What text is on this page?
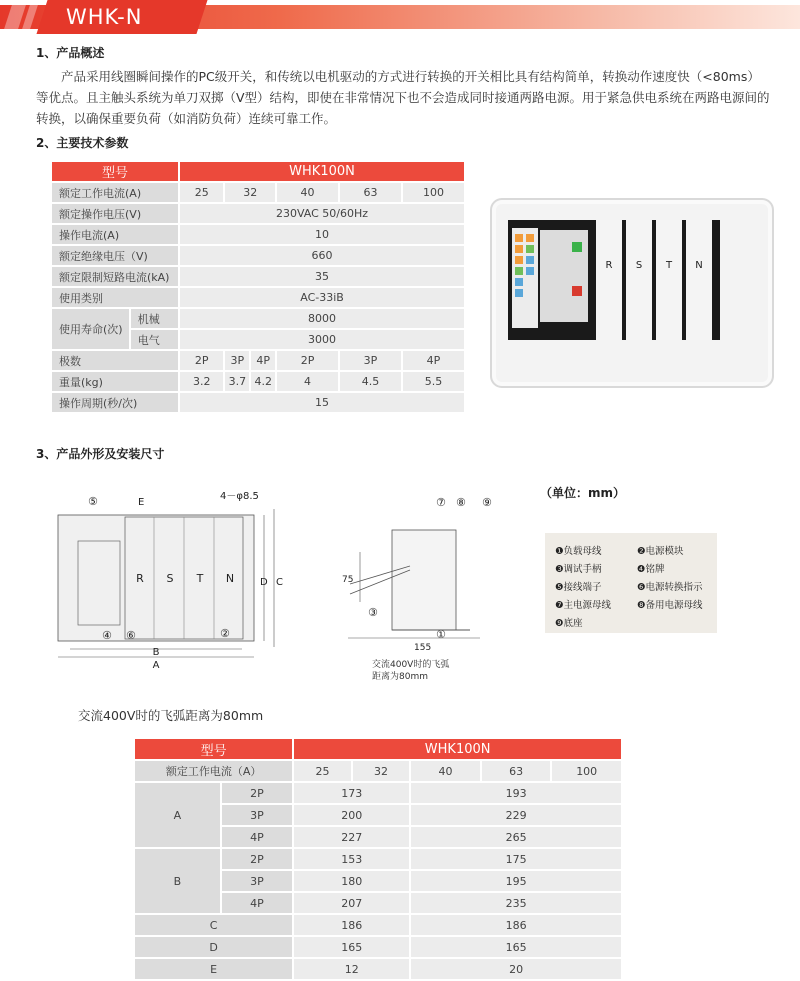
WHK-N
1、产品概述
产品采用线圈瞬间操作的PC级开关，和传统以电机驱动的方式进行转换的开关相比具有结构简单，转换动作速度快（<80ms）等优点。且主触头系统为单刀双掷（V型）结构，即使在非常情况下也不会造成同时接通两路电源。用于紧急供电系统在两路电源间的转换，以确保重要负荷（如消防负荷）连续可靠工作。
2、主要技术参数
型号		WHK100N					
额定工作电流(A)		25	32		40	63	100
额定操作电压(V)		230VAC 50/60Hz					
操作电流(A)		10					
额定绝缘电压（V)		660					
额定限制短路电流(kA)		35					
使用类别		AC-33iB					
使用寿命(次)	机械	8000					
	电气	3000					
极数		2P	3P	4P	2P	3P	4P
重量(kg)		3.2	3.7	4.2	4	4.5	5.5
操作周期(秒/次)		15					
R S T N
3、产品外形及安装尺寸
（单位：mm）
R S T N
B
A
D C
E
4－φ8.5
⑤
④ ⑥	②
75
155
⑦ ⑧ ⑨
③
①
交流400V时的飞弧
距离为80mm
❶负载母线	❷电源模块
❸调试手柄	❹铭牌
❺接线端子	❻电源转换指示
❼主电源母线	❽备用电源母线
❾底座
交流400V时的飞弧距离为80mm
型号		WHK100N				
额定工作电流（A）		25	32	40	63	100
A	2P	173		193		
	3P	200		229		
	4P	227		265		
B	2P	153		175		
	3P	180		195		
	4P	207		235		
C		186		186		
D		165		165		
E		12		20		
